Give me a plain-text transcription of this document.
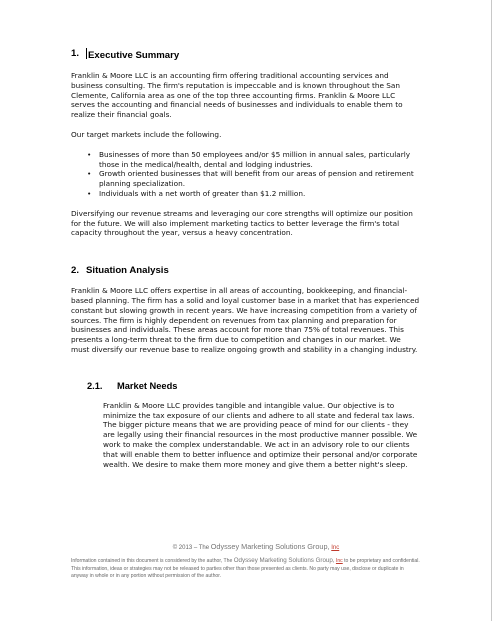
1. Executive Summary
Franklin & Moore LLC is an accounting firm offering traditional accounting services and business consulting. The firm's reputation is impeccable and is known throughout the San Clemente, California area as one of the top three accounting firms. Franklin & Moore LLC serves the accounting and financial needs of businesses and individuals to enable them to realize their financial goals.
Our target markets include the following.
• Businesses of more than 50 employees and/or $5 million in annual sales, particularly those in the medical/health, dental and lodging industries.
• Growth oriented businesses that will benefit from our areas of pension and retirement planning specialization.
• Individuals with a net worth of greater than $1.2 million.
Diversifying our revenue streams and leveraging our core strengths will optimize our position for the future. We will also implement marketing tactics to better leverage the firm's total capacity throughout the year, versus a heavy concentration.
2. Situation Analysis
Franklin & Moore LLC offers expertise in all areas of accounting, bookkeeping, and financial-based planning. The firm has a solid and loyal customer base in a market that has experienced constant but slowing growth in recent years. We have increasing competition from a variety of sources. The firm is highly dependent on revenues from tax planning and preparation for businesses and individuals. These areas account for more than 75% of total revenues. This presents a long-term threat to the firm due to competition and changes in our market. We must diversify our revenue base to realize ongoing growth and stability in a changing industry.
2.1.	Market Needs
Franklin & Moore LLC provides tangible and intangible value. Our objective is to minimize the tax exposure of our clients and adhere to all state and federal tax laws. The bigger picture means that we are providing peace of mind for our clients - they are legally using their financial resources in the most productive manner possible. We work to make the complex understandable. We act in an advisory role to our clients that will enable them to better influence and optimize their personal and/or corporate wealth. We desire to make them more money and give them a better night's sleep.
© 2013 – The Odyssey Marketing Solutions Group, Inc
Information contained in this document is considered by the author, The Odyssey Marketing Solutions Group, Inc to be proprietary and confidential. This information, ideas or strategies may not be released to parties other than those presented as clients. No party may use, disclose or duplicate in anyway in whole or in any portion without permission of the author.
